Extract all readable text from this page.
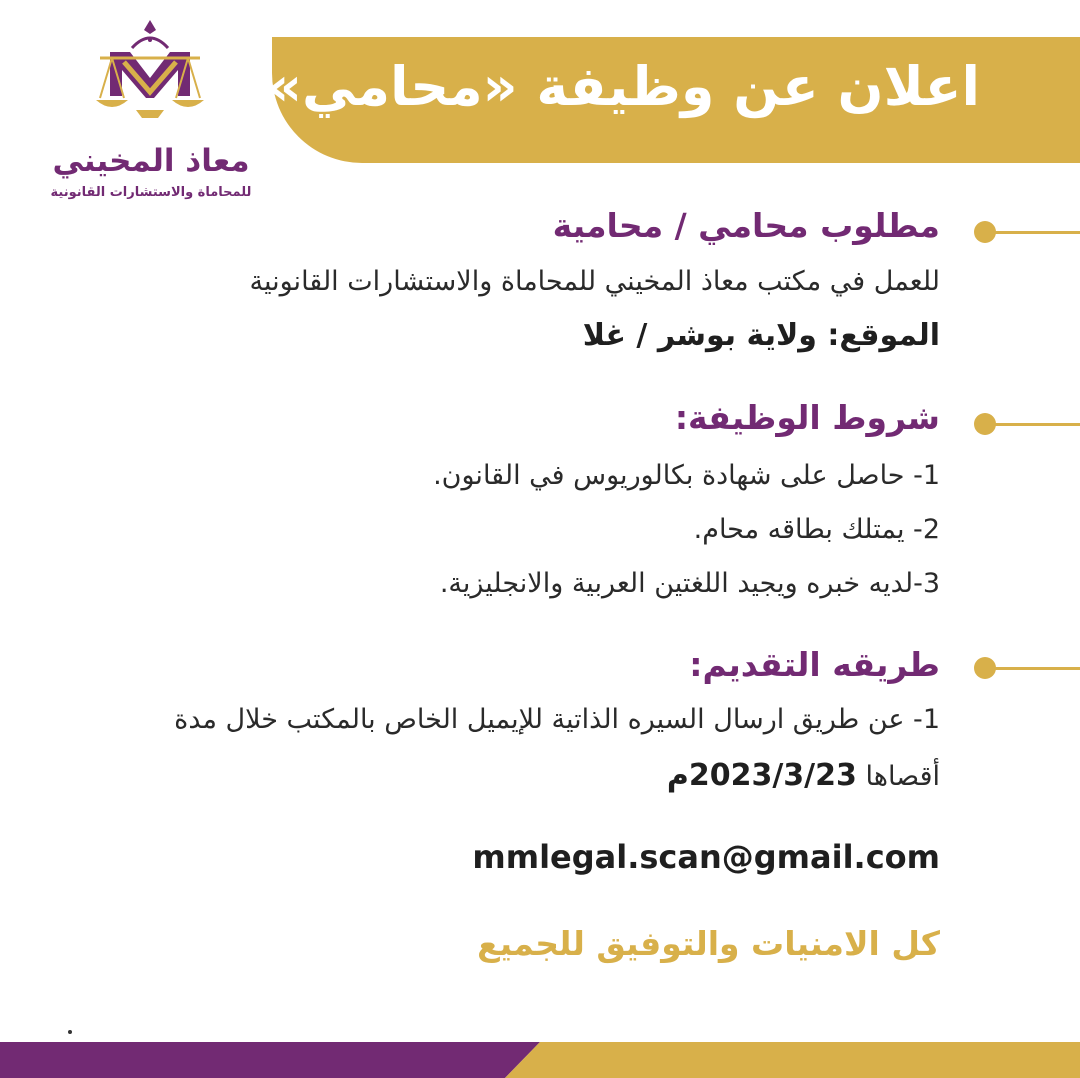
معاذ المخيني
للمحاماة والاستشارات القانونية
اعلان عن وظيفة «محامي»
مطلوب محامي / محامية
للعمل في مكتب معاذ المخيني للمحاماة والاستشارات القانونية
الموقع: ولاية بوشر / غلا
شروط الوظيفة:
1- حاصل على شهادة بكالوريوس في القانون.
2- يمتلك بطاقه محام.
3-لديه خبره ويجيد اللغتين العربية والانجليزية.
طريقه التقديم:
1- عن طريق ارسال السيره الذاتية للإيميل الخاص بالمكتب خلال مدة
أقصاها 2023/3/23م
mmlegal.scan@gmail.com
كل الامنيات والتوفيق للجميع
